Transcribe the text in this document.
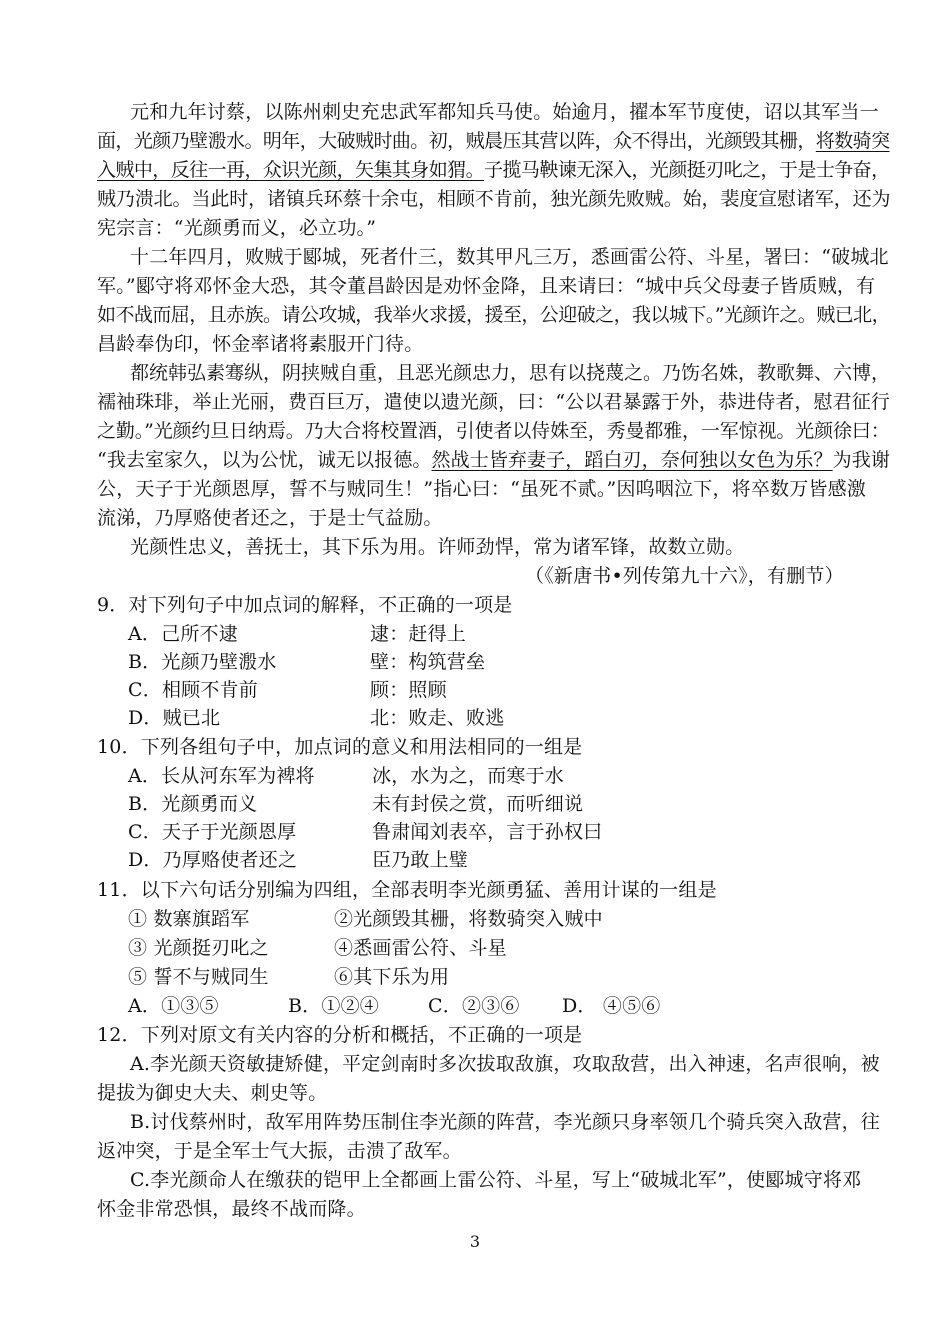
元和九年讨蔡，以陈州刺史充忠武军都知兵马使。始逾月，擢本军节度使，诏以其军当一
面，光颜乃壁溵水。明年，大破贼时曲。初，贼晨压其营以阵，众不得出，光颜毁其栅，将数骑突
入贼中，反往一再，众识光颜，矢集其身如猬。子揽马鞅谏无深入，光颜挺刃叱之，于是士争奋，
贼乃溃北。当此时，诸镇兵环蔡十余屯，相顾不肯前，独光颜先败贼。始，裴度宣慰诸军，还为
宪宗言：“光颜勇而义，必立功。”
十二年四月，败贼于郾城，死者什三，数其甲凡三万，悉画雷公符、斗星，署曰：“破城北
军。”郾守将邓怀金大恐，其令董昌龄因是劝怀金降，且来请曰：“城中兵父母妻子皆质贼，有
如不战而屈，且赤族。请公攻城，我举火求援，援至，公迎破之，我以城下。”光颜许之。贼已北，
昌龄奉伪印，怀金率诸将素服开门待。
都统韩弘素骞纵，阴挟贼自重，且恶光颜忠力，思有以挠蔑之。乃饬名姝，教歌舞、六博，
襦袖珠琲，举止光丽，费百巨万，遣使以遗光颜，曰：“公以君暴露于外，恭进侍者，慰君征行
之勤。”光颜约旦日纳焉。乃大合将校置酒，引使者以侍姝至，秀曼都雅，一军惊视。光颜徐曰：
“我去室家久，以为公忧，诚无以报德。然战士皆弃妻子，蹈白刃，奈何独以女色为乐？为我谢
公，天子于光颜恩厚，誓不与贼同生！”指心曰：“虽死不贰。”因呜咽泣下，将卒数万皆感激
流涕，乃厚赂使者还之，于是士气益励。
光颜性忠义，善抚士，其下乐为用。许师劲悍，常为诸军锋，故数立勋。
（《新唐书•列传第九十六》，有删节）
9．对下列句子中加点词的解释，不正确的一项是
A．己所不逮	逮：赶得上
B．光颜乃壁溵水	壁：构筑营垒
C．相顾不肯前	顾：照顾
D．贼已北	北：败走、败逃
10．下列各组句子中，加点词的意义和用法相同的一组是
A．长从河东军为裨将	冰，水为之，而寒于水
B．光颜勇而义	未有封侯之赏，而听细说
C．天子于光颜恩厚	鲁肃闻刘表卒，言于孙权曰
D．乃厚赂使者还之	臣乃敢上璧
11．以下六句话分别编为四组，全部表明李光颜勇猛、善用计谋的一组是
① 数寨旗蹈军	②光颜毁其栅，将数骑突入贼中
③ 光颜挺刃叱之	④悉画雷公符、斗星
⑤ 誓不与贼同生	⑥其下乐为用
A．①③⑤	B．①②④	C．②③⑥ D． ④⑤⑥
12．下列对原文有关内容的分析和概括，不正确的一项是
A.李光颜天资敏捷矫健，平定剑南时多次拔取敌旗，攻取敌营，出入神速，名声很响，被
提拔为御史大夫、刺史等。
B.讨伐蔡州时，敌军用阵势压制住李光颜的阵营，李光颜只身率领几个骑兵突入敌营，往
返冲突，于是全军士气大振，击溃了敌军。
C.李光颜命人在缴获的铠甲上全都画上雷公符、斗星，写上“破城北军”，使郾城守将邓
怀金非常恐惧，最终不战而降。
3
